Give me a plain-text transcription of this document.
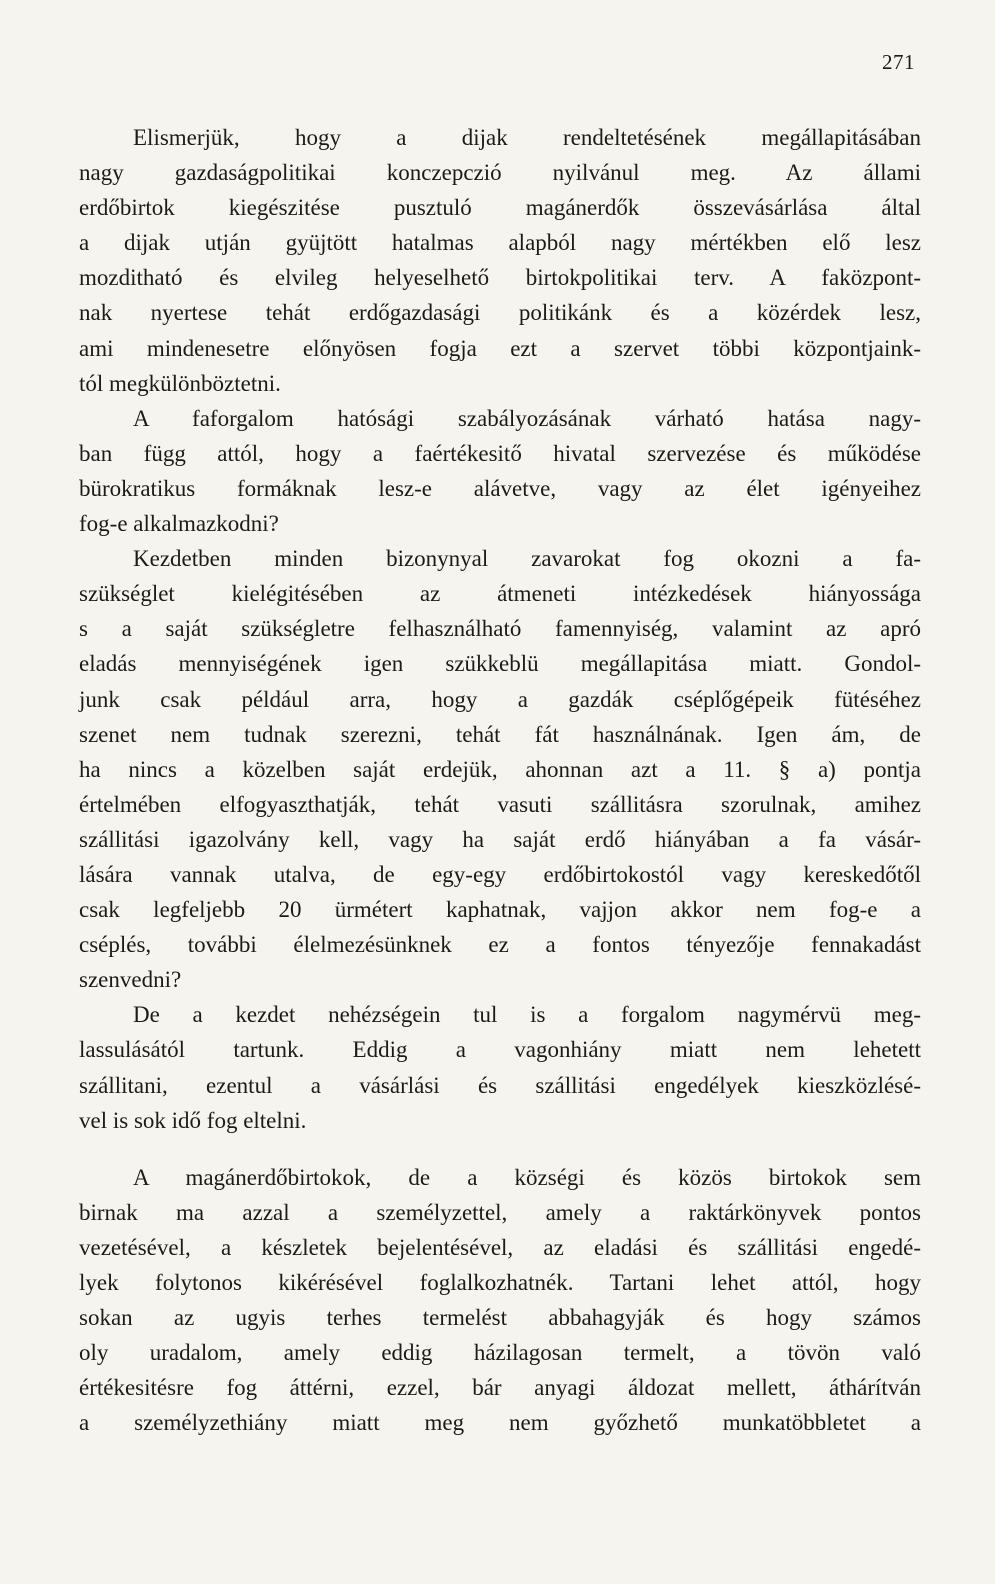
271
Elismerjük, hogy a dijak rendeltetésének megállapitásában
nagy gazdaságpolitikai konczepczió nyilvánul meg. Az állami
erdőbirtok kiegészitése pusztuló magánerdők összevásárlása által
a dijak utján gyüjtött hatalmas alapból nagy mértékben elő lesz
mozditható és elvileg helyeselhető birtokpolitikai terv. A faközpont-
nak nyertese tehát erdőgazdasági politikánk és a közérdek lesz,
ami mindenesetre előnyösen fogja ezt a szervet többi központjaink-
tól megkülönböztetni.
A faforgalom hatósági szabályozásának várható hatása nagy-
ban függ attól, hogy a faértékesitő hivatal szervezése és működése
bürokratikus formáknak lesz-e alávetve, vagy az élet igényeihez
fog-e alkalmazkodni?
Kezdetben minden bizonynyal zavarokat fog okozni a fa-
szükséglet kielégitésében az átmeneti intézkedések hiányossága
s a saját szükségletre felhasználható famennyiség, valamint az apró
eladás mennyiségének igen szükkeblü megállapitása miatt. Gondol-
junk csak például arra, hogy a gazdák cséplőgépeik fütéséhez
szenet nem tudnak szerezni, tehát fát használnának. Igen ám, de
ha nincs a közelben saját erdejük, ahonnan azt a 11. § a) pontja
értelmében elfogyaszthatják, tehát vasuti szállitásra szorulnak, amihez
szállitási igazolvány kell, vagy ha saját erdő hiányában a fa vásár-
lására vannak utalva, de egy-egy erdőbirtokostól vagy kereskedőtől
csak legfeljebb 20 ürmétert kaphatnak, vajjon akkor nem fog-e a
cséplés, további élelmezésünknek ez a fontos tényezője fennakadást
szenvedni?
De a kezdet nehézségein tul is a forgalom nagymérvü meg-
lassulásától tartunk. Eddig a vagonhiány miatt nem lehetett
szállitani, ezentul a vásárlási és szállitási engedélyek kieszközlésé-
vel is sok idő fog eltelni.
A magánerdőbirtokok, de a községi és közös birtokok sem
birnak ma azzal a személyzettel, amely a raktárkönyvek pontos
vezetésével, a készletek bejelentésével, az eladási és szállitási engedé-
lyek folytonos kikérésével foglalkozhatnék. Tartani lehet attól, hogy
sokan az ugyis terhes termelést abbahagyják és hogy számos
oly uradalom, amely eddig házilagosan termelt, a tövön való
értékesitésre fog áttérni, ezzel, bár anyagi áldozat mellett, áthárítván
a személyzethiány miatt meg nem győzhető munkatöbbletet a
